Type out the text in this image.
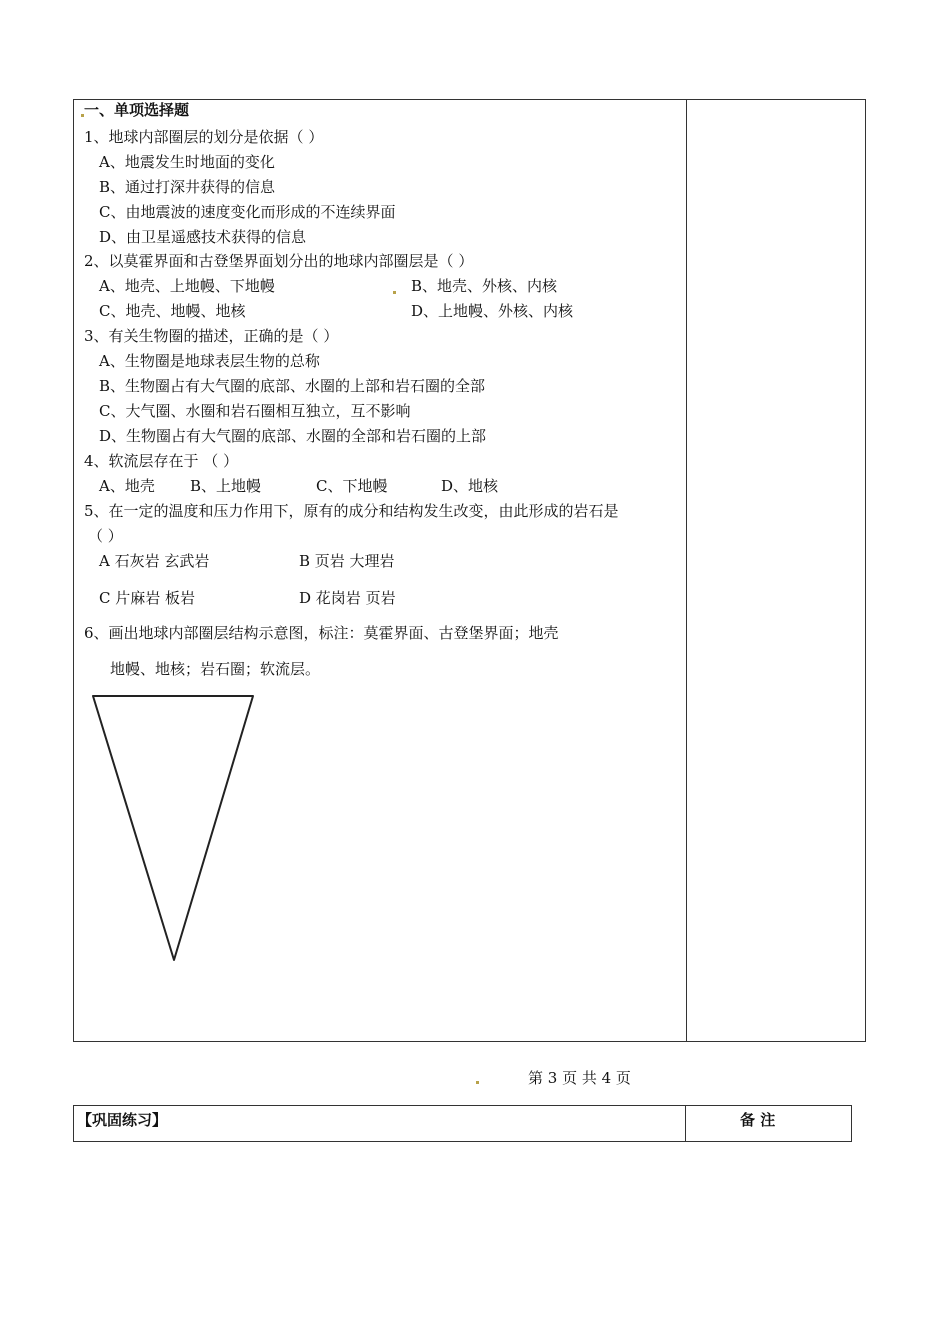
一、单项选择题
1、地球内部圈层的划分是依据（ ）
A、地震发生时地面的变化
B、通过打深井获得的信息
C、由地震波的速度变化而形成的不连续界面
D、由卫星遥感技术获得的信息
2、以莫霍界面和古登堡界面划分出的地球内部圈层是（ ）
A、地壳、上地幔、下地幔	B、地壳、外核、内核
C、地壳、地幔、地核	D、上地幔、外核、内核
3、有关生物圈的描述，正确的是（ ）
A、生物圈是地球表层生物的总称
B、生物圈占有大气圈的底部、水圈的上部和岩石圈的全部
C、大气圈、水圈和岩石圈相互独立，互不影响
D、生物圈占有大气圈的底部、水圈的全部和岩石圈的上部
4、软流层存在于 （ ）
A、地壳 B、上地幔	C、下地幔	D、地核
5、在一定的温度和压力作用下，原有的成分和结构发生改变，由此形成的岩石是
（ ）
A 石灰岩 玄武岩	B 页岩 大理岩
C 片麻岩 板岩	D 花岗岩 页岩
6、画出地球内部圈层结构示意图，标注：莫霍界面、古登堡界面；地壳
地幔、地核；岩石圈；软流层。
第 3 页 共 4 页
【巩固练习】	备 注
